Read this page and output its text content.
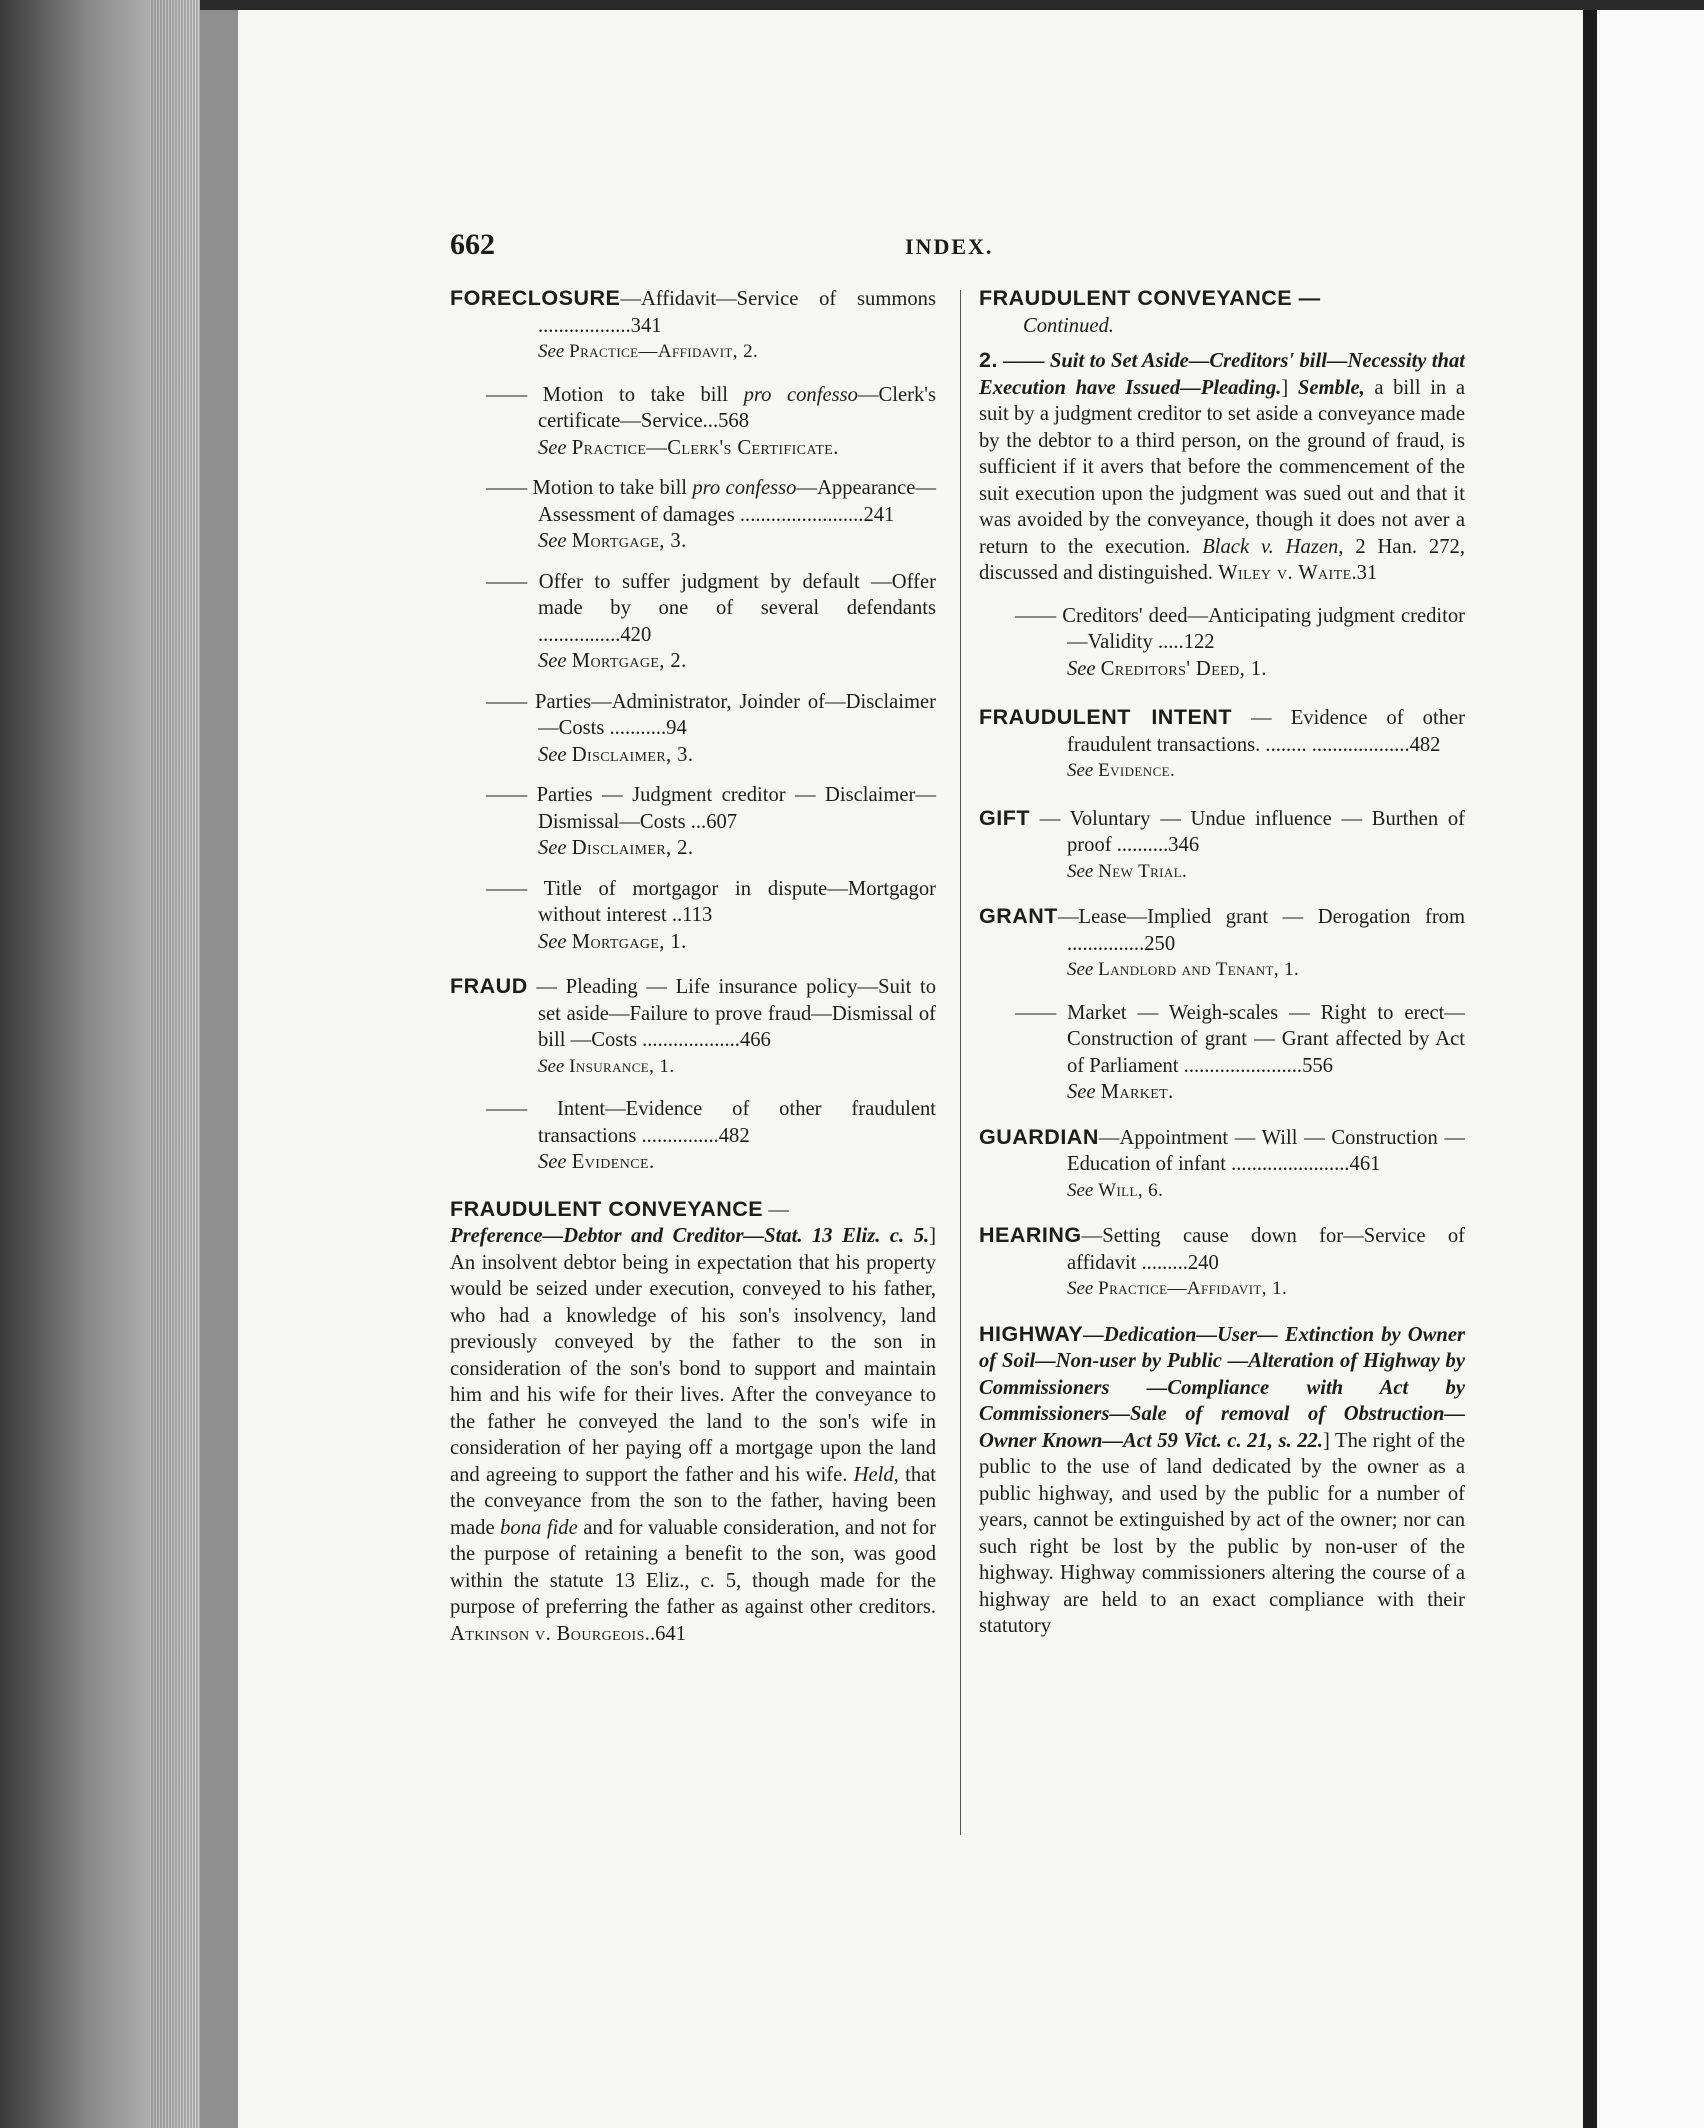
662	INDEX.

FORECLOSURE—Affidavit—Service of summons ..................341

See Practice—Affidavit, 2.

—— Motion to take bill pro confesso—Clerk's certificate—Service...568
See Practice—Clerk's Certificate.
—— Motion to take bill pro confesso—Appearance—Assessment of damages ........................241
See Mortgage, 3.
—— Offer to suffer judgment by default —Offer made by one of several defendants ................420
See Mortgage, 2.
—— Parties—Administrator, Joinder of—Disclaimer—Costs ...........94
See Disclaimer, 3.
—— Parties — Judgment creditor — Disclaimer—Dismissal—Costs ...607
See Disclaimer, 2.
—— Title of mortgagor in dispute—Mortgagor without interest ..113
See Mortgage, 1.

FRAUD — Pleading — Life insurance policy—Suit to set aside—Failure to prove fraud—Dismissal of bill —Costs ...................466

See Insurance, 1.

—— Intent—Evidence of other fraudulent transactions ...............482
See Evidence.

FRAUDULENT CONVEYANCE —
Preference—Debtor and Creditor—Stat. 13 Eliz. c. 5.] An insolvent debtor being in expectation that his property would be seized under execution, conveyed to his father, who had a knowledge of his son's insolvency, land previously conveyed by the father to the son in consideration of the son's bond to support and maintain him and his wife for their lives. After the conveyance to the father he conveyed the land to the son's wife in consideration of her paying off a mortgage upon the land and agreeing to support the father and his wife. Held, that the conveyance from the son to the father, having been made bona fide and for valuable consideration, and not for the purpose of retaining a benefit to the son, was good within the statute 13 Eliz., c. 5, though made for the purpose of preferring the father as against other creditors. Atkinson v. Bourgeois..641

FRAUDULENT CONVEYANCE —

Continued.

2. —— Suit to Set Aside—Creditors' bill—Necessity that Execution have Issued—Pleading.] Semble, a bill in a suit by a judgment creditor to set aside a conveyance made by the debtor to a third person, on the ground of fraud, is sufficient if it avers that before the commencement of the suit execution upon the judgment was sued out and that it was avoided by the conveyance, though it does not aver a return to the execution. Black v. Hazen, 2 Han. 272, discussed and distinguished. Wiley v. Waite.31

—— Creditors' deed—Anticipating judgment creditor—Validity .....122
See Creditors' Deed, 1.

FRAUDULENT INTENT — Evidence of other fraudulent transactions. ........ ...................482

See Evidence.

GIFT — Voluntary — Undue influence — Burthen of proof ..........346

See New Trial.

GRANT—Lease—Implied grant — Derogation from ...............250

See Landlord and Tenant, 1.

—— Market — Weigh-scales — Right to erect—Construction of grant — Grant affected by Act of Parliament .......................556
See Market.

GUARDIAN—Appointment — Will — Construction — Education of infant .......................461

See Will, 6.

HEARING—Setting cause down for—Service of affidavit .........240

See Practice—Affidavit, 1.

HIGHWAY—Dedication—User— Extinction by Owner of Soil—Non-user by Public —Alteration of Highway by Commissioners —Compliance with Act by Commissioners—Sale of removal of Obstruction—Owner Known—Act 59 Vict. c. 21, s. 22.] The right of the public to the use of land dedicated by the owner as a public highway, and used by the public for a number of years, cannot be extinguished by act of the owner; nor can such right be lost by the public by non-user of the highway. Highway commissioners altering the course of a highway are held to an exact compliance with their statutory
